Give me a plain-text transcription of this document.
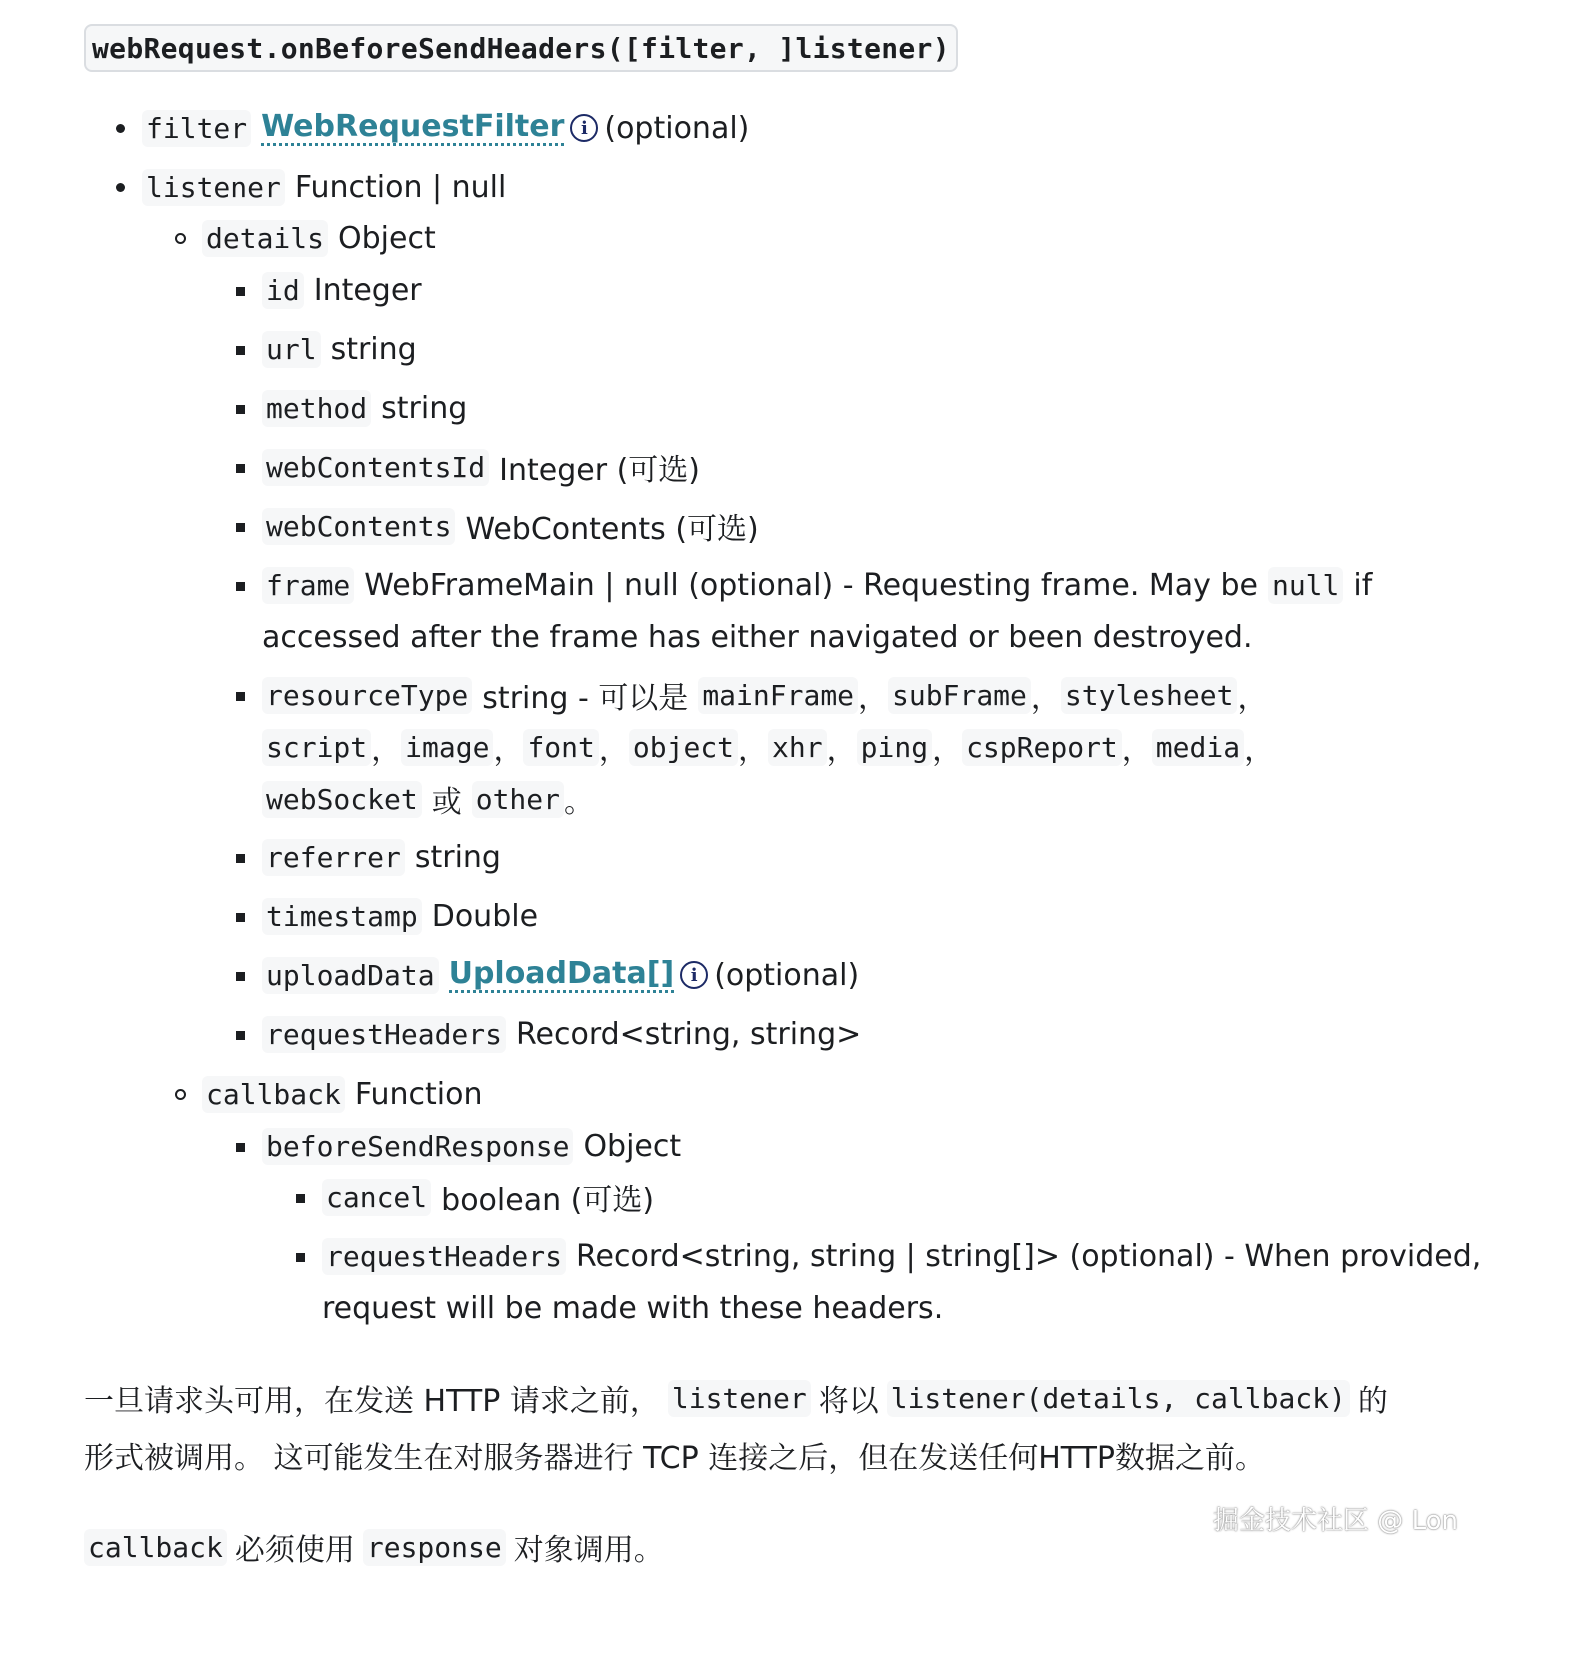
webRequest.onBeforeSendHeaders([filter, ]listener)
filter WebRequestFilter i (optional)
listener Function | null
details Object
id Integer
url string
method string
webContentsId Integer (可选)
webContents WebContents (可选)
frame WebFrameMain | null (optional) - Requesting frame. May be null if
accessed after the frame has either navigated or been destroyed.
resourceType string - 可以是 mainFrame ， subFrame ， stylesheet ，
script ， image ， font ， object ， xhr ， ping ， cspReport ， media ，
webSocket 或 other 。
referrer string
timestamp Double
uploadData UploadData[] i (optional)
requestHeaders Record<string, string>
callback Function
beforeSendResponse Object
cancel boolean (可选)
requestHeaders Record<string, string | string[]> (optional) - When provided,
request will be made with these headers.
一旦请求头可用，在发送 HTTP 请求之前， listener 将以 listener(details, callback) 的
形式被调用。 这可能发生在对服务器进行 TCP 连接之后，但在发送任何HTTP数据之前。
callback 必须使用 response 对象调用。
掘金技术社区 @ Lon
